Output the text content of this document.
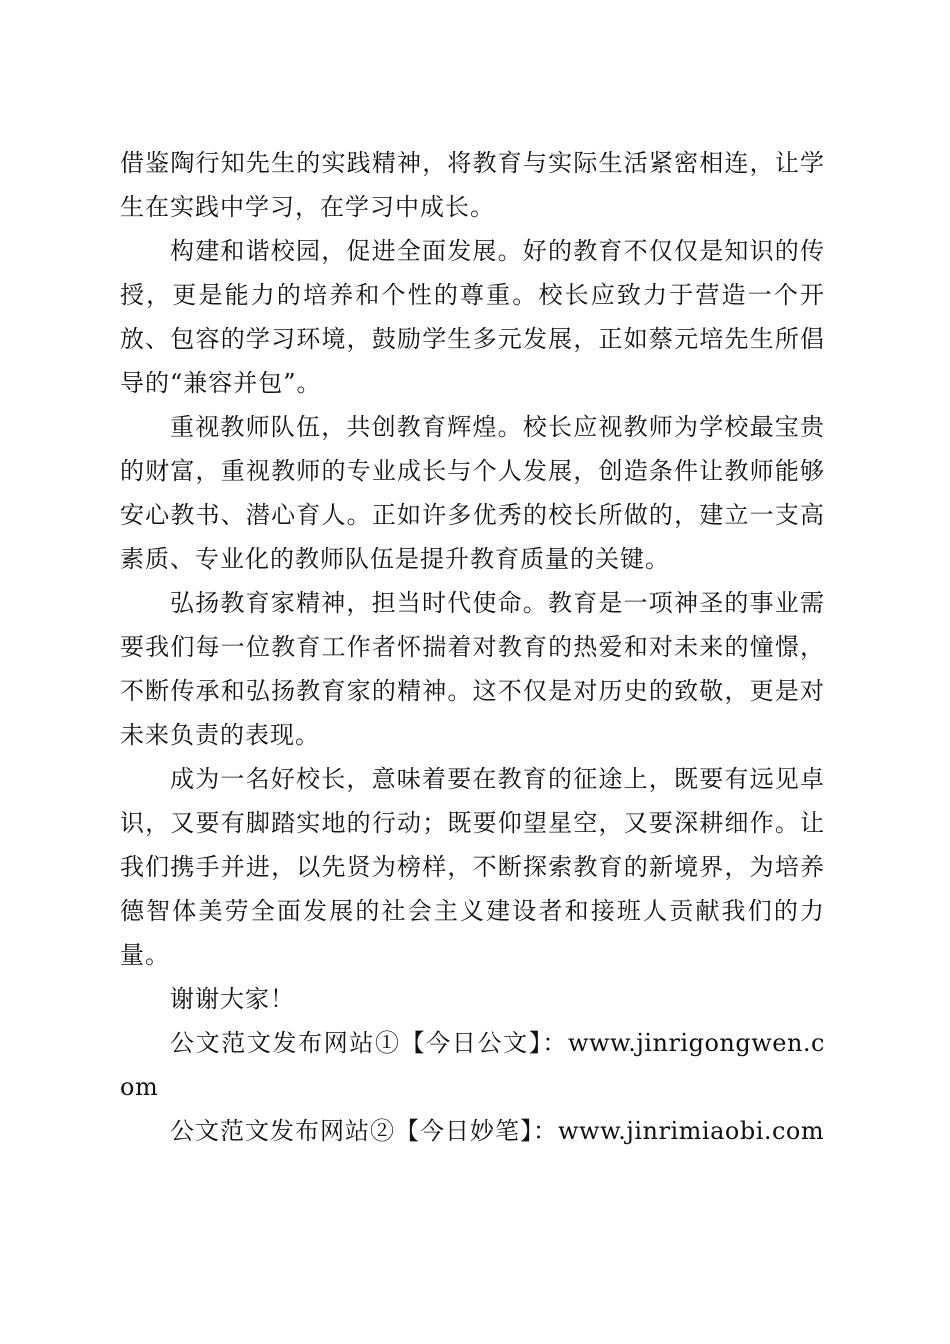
借鉴陶行知先生的实践精神，将教育与实际生活紧密相连，让学生在实践中学习，在学习中成长。

构建和谐校园，促进全面发展。好的教育不仅仅是知识的传授，更是能力的培养和个性的尊重。校长应致力于营造一个开放、包容的学习环境，鼓励学生多元发展，正如蔡元培先生所倡导的“兼容并包”。

重视教师队伍，共创教育辉煌。校长应视教师为学校最宝贵的财富，重视教师的专业成长与个人发展，创造条件让教师能够安心教书、潜心育人。正如许多优秀的校长所做的，建立一支高素质、专业化的教师队伍是提升教育质量的关键。

弘扬教育家精神，担当时代使命。教育是一项神圣的事业需要我们每一位教育工作者怀揣着对教育的热爱和对未来的憧憬，不断传承和弘扬教育家的精神。这不仅是对历史的致敬，更是对未来负责的表现。

成为一名好校长，意味着要在教育的征途上，既要有远见卓识，又要有脚踏实地的行动；既要仰望星空，又要深耕细作。让我们携手并进，以先贤为榜样，不断探索教育的新境界，为培养德智体美劳全面发展的社会主义建设者和接班人贡献我们的力量。

谢谢大家！

公文范文发布网站①【今日公文】：www.jinrigongwen.com

公文范文发布网站②【今日妙笔】：www.jinrimiaobi.com
